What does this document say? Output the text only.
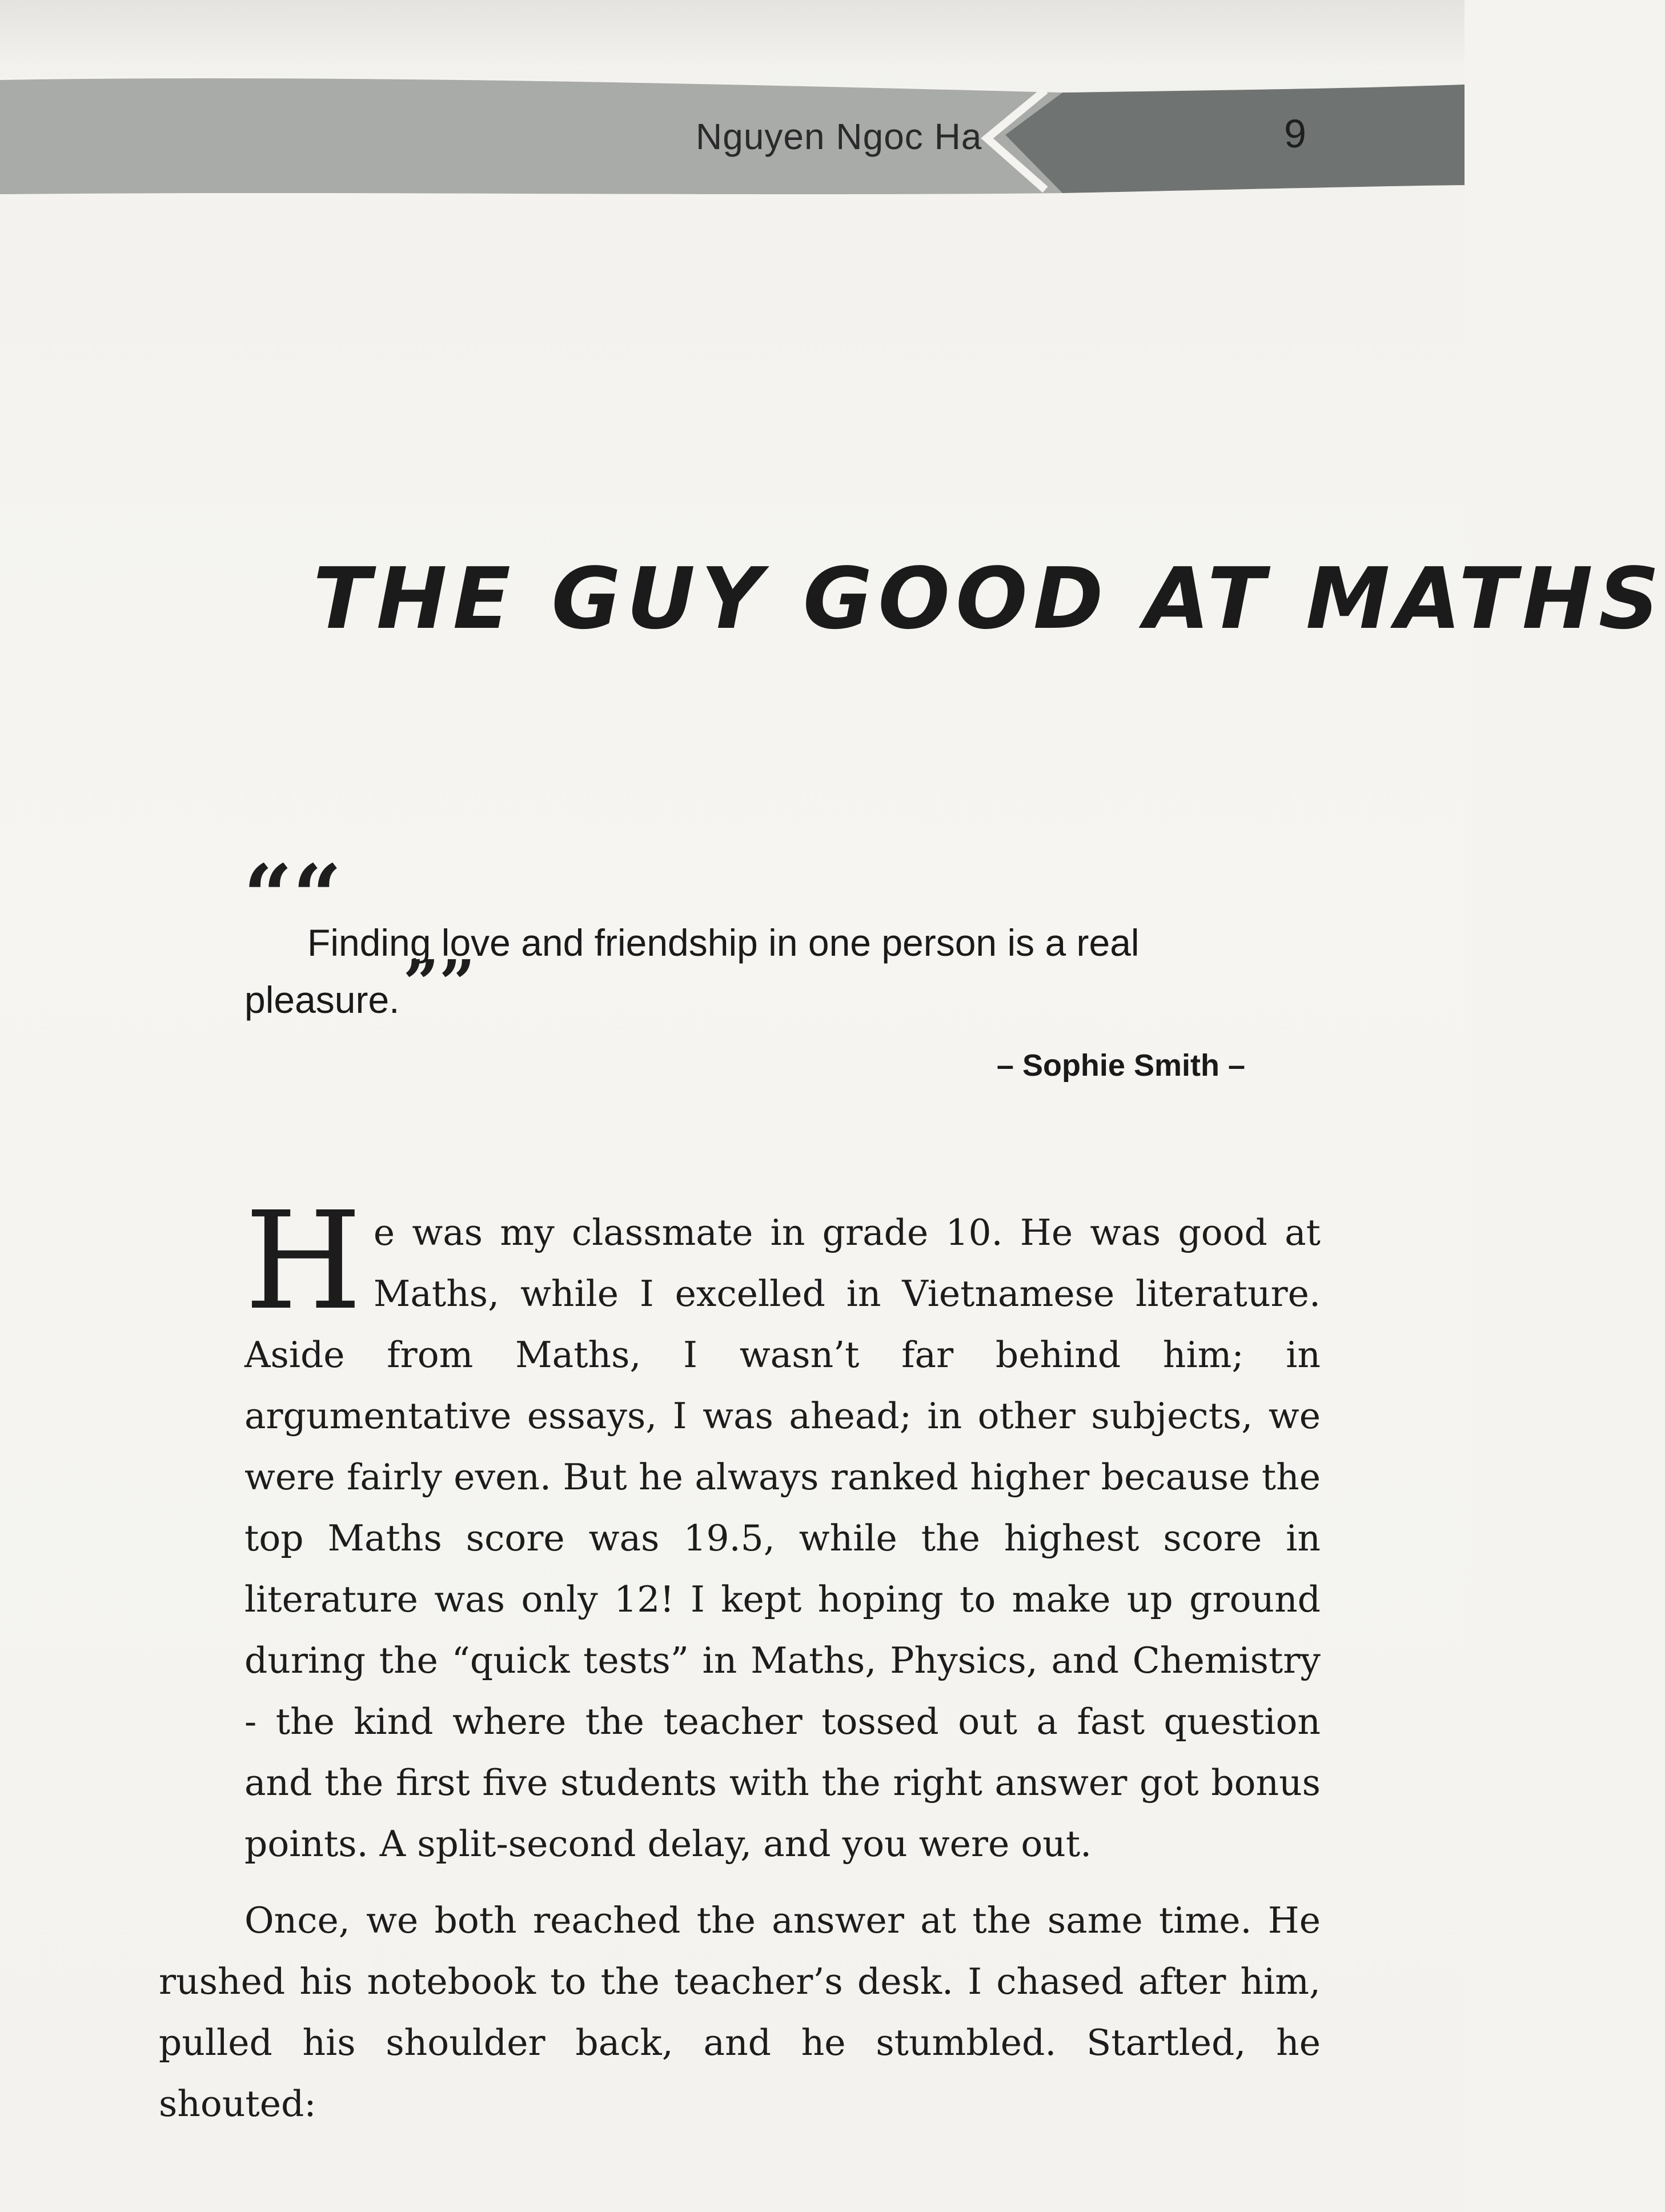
Nguyen Ngoc Ha	9
THE GUY GOOD AT MATHS
““
Finding love and friendship in one person is a real pleasure.””
– Sophie Smith –
H e was my classmate in grade 10. He was good at Maths, while I excelled in Vietnamese literature. Aside from Maths, I wasn’t far behind him; in argumentative essays, I was ahead; in other subjects, we were fairly even. But he always ranked higher because the top Maths score was 19.5, while the highest score in literature was only 12! I kept hoping to make up ground during the “quick tests” in Maths, Physics, and Chemistry - the kind where the teacher tossed out a fast question and the first five students with the right answer got bonus points. A split-second delay, and you were out.

Once, we both reached the answer at the same time. He rushed his notebook to the teacher’s desk. I chased after him, pulled his shoulder back, and he stumbled. Startled, he shouted:
